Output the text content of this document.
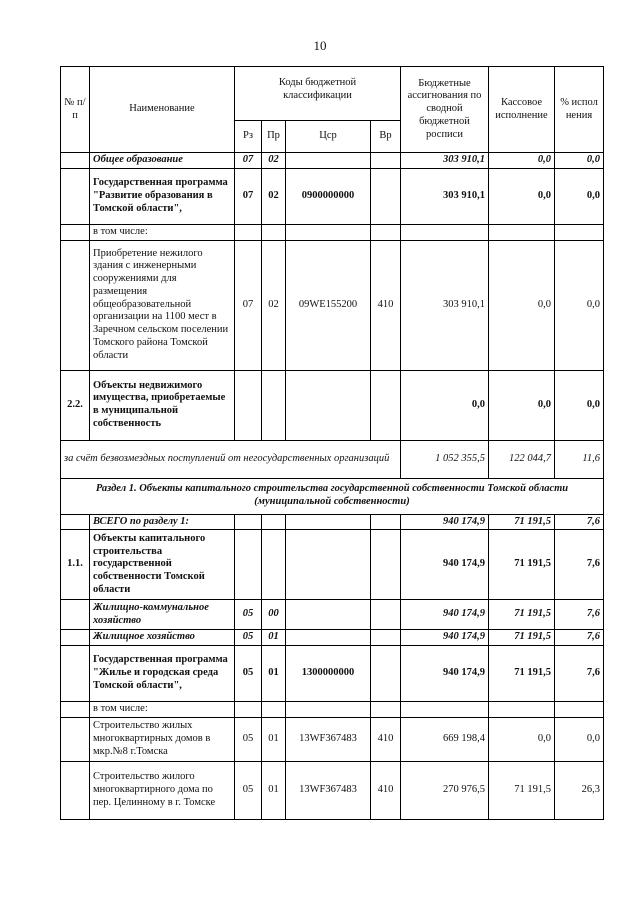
10
№ п/п	Наименование	Коды бюджетной классификации				Бюджетные ассигнования по сводной бюджетной росписи	Кассовое исполнение	% испол нения
		Рз	Пр	Цср	Вр			
	Общее образование	07	02			303 910,1	0,0	0,0
	Государственная программа "Развитие образования в Томской области",	07	02	0900000000		303 910,1	0,0	0,0
	в том числе:							
	Приобретение нежилого здания с инженерными сооружениями для размещения общеобразовательной организации на 1100 мест в Заречном сельском поселении Томского района Томской области	07	02	09WE155200	410	303 910,1	0,0	0,0
2.2.	Объекты недвижимого имущества, приобретаемые в муниципальной собственность					0,0	0,0	0,0
за счёт безвозмездных поступлений от негосударственных организаций						1 052 355,5	122 044,7	11,6
Раздел 1. Объекты капитального строительства государственной собственности Томской области (муниципальной собственности)								
	ВСЕГО по разделу 1:					940 174,9	71 191,5	7,6
1.1.	Объекты капитального строительства государственной собственности Томской области					940 174,9	71 191,5	7,6
	Жилищно-коммунальное хозяйство	05	00			940 174,9	71 191,5	7,6
	Жилищное хозяйство	05	01			940 174,9	71 191,5	7,6
	Государственная программа "Жилье и городская среда Томской области",	05	01	1300000000		940 174,9	71 191,5	7,6
	в том числе:							
	Строительство жилых многоквартирных домов в мкр.№8 г.Томска	05	01	13WF367483	410	669 198,4	0,0	0,0
	Строительство жилого многоквартирного дома по пер. Целинному в г. Томске	05	01	13WF367483	410	270 976,5	71 191,5	26,3
